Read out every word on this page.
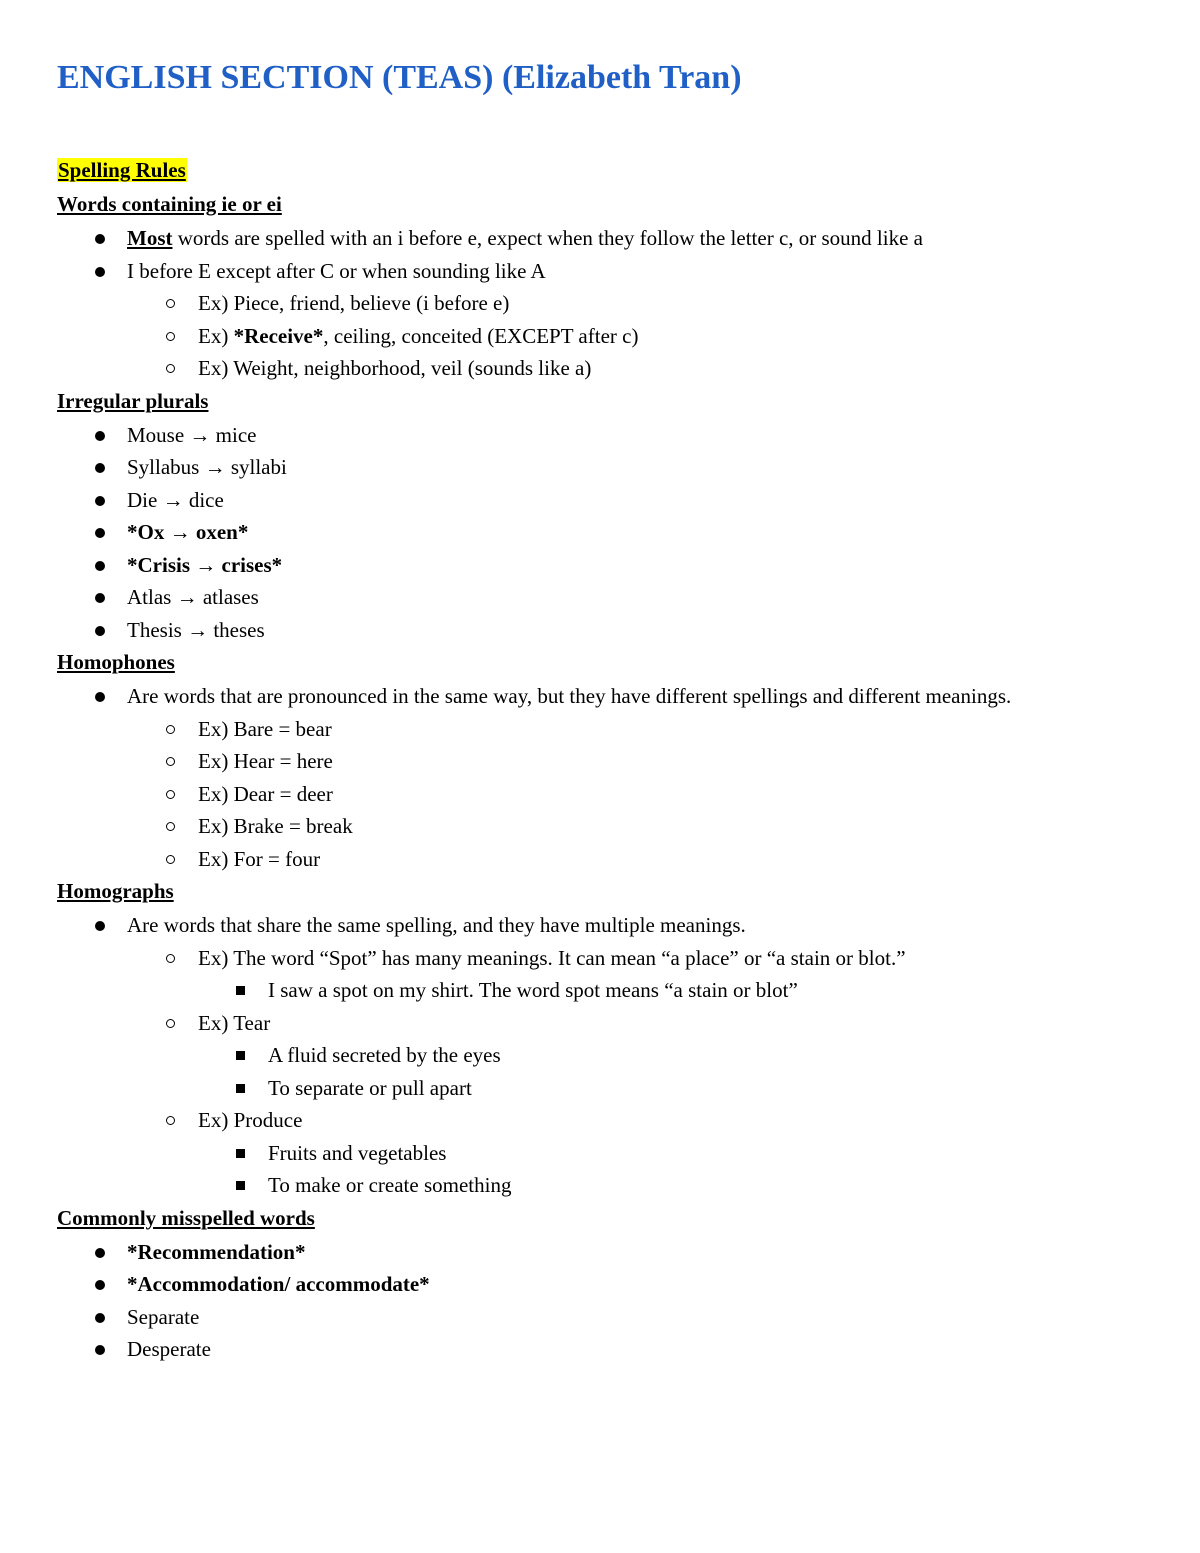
ENGLISH SECTION (TEAS) (Elizabeth Tran)
Spelling Rules
Words containing ie or ei
Most words are spelled with an i before e, expect when they follow the letter c, or sound like a
I before E except after C or when sounding like A
Ex) Piece, friend, believe (i before e)
Ex) *Receive*, ceiling, conceited (EXCEPT after c)
Ex) Weight, neighborhood, veil (sounds like a)
Irregular plurals
Mouse → mice
Syllabus → syllabi
Die → dice
*Ox → oxen*
*Crisis → crises*
Atlas → atlases
Thesis → theses
Homophones
Are words that are pronounced in the same way, but they have different spellings and different meanings.
Ex) Bare = bear
Ex) Hear = here
Ex) Dear = deer
Ex) Brake = break
Ex) For = four
Homographs
Are words that share the same spelling, and they have multiple meanings.
Ex) The word “Spot” has many meanings. It can mean “a place” or “a stain or blot.”
I saw a spot on my shirt. The word spot means “a stain or blot”
Ex) Tear
A fluid secreted by the eyes
To separate or pull apart
Ex) Produce
Fruits and vegetables
To make or create something
Commonly misspelled words
*Recommendation*
*Accommodation/ accommodate*
Separate
Desperate
